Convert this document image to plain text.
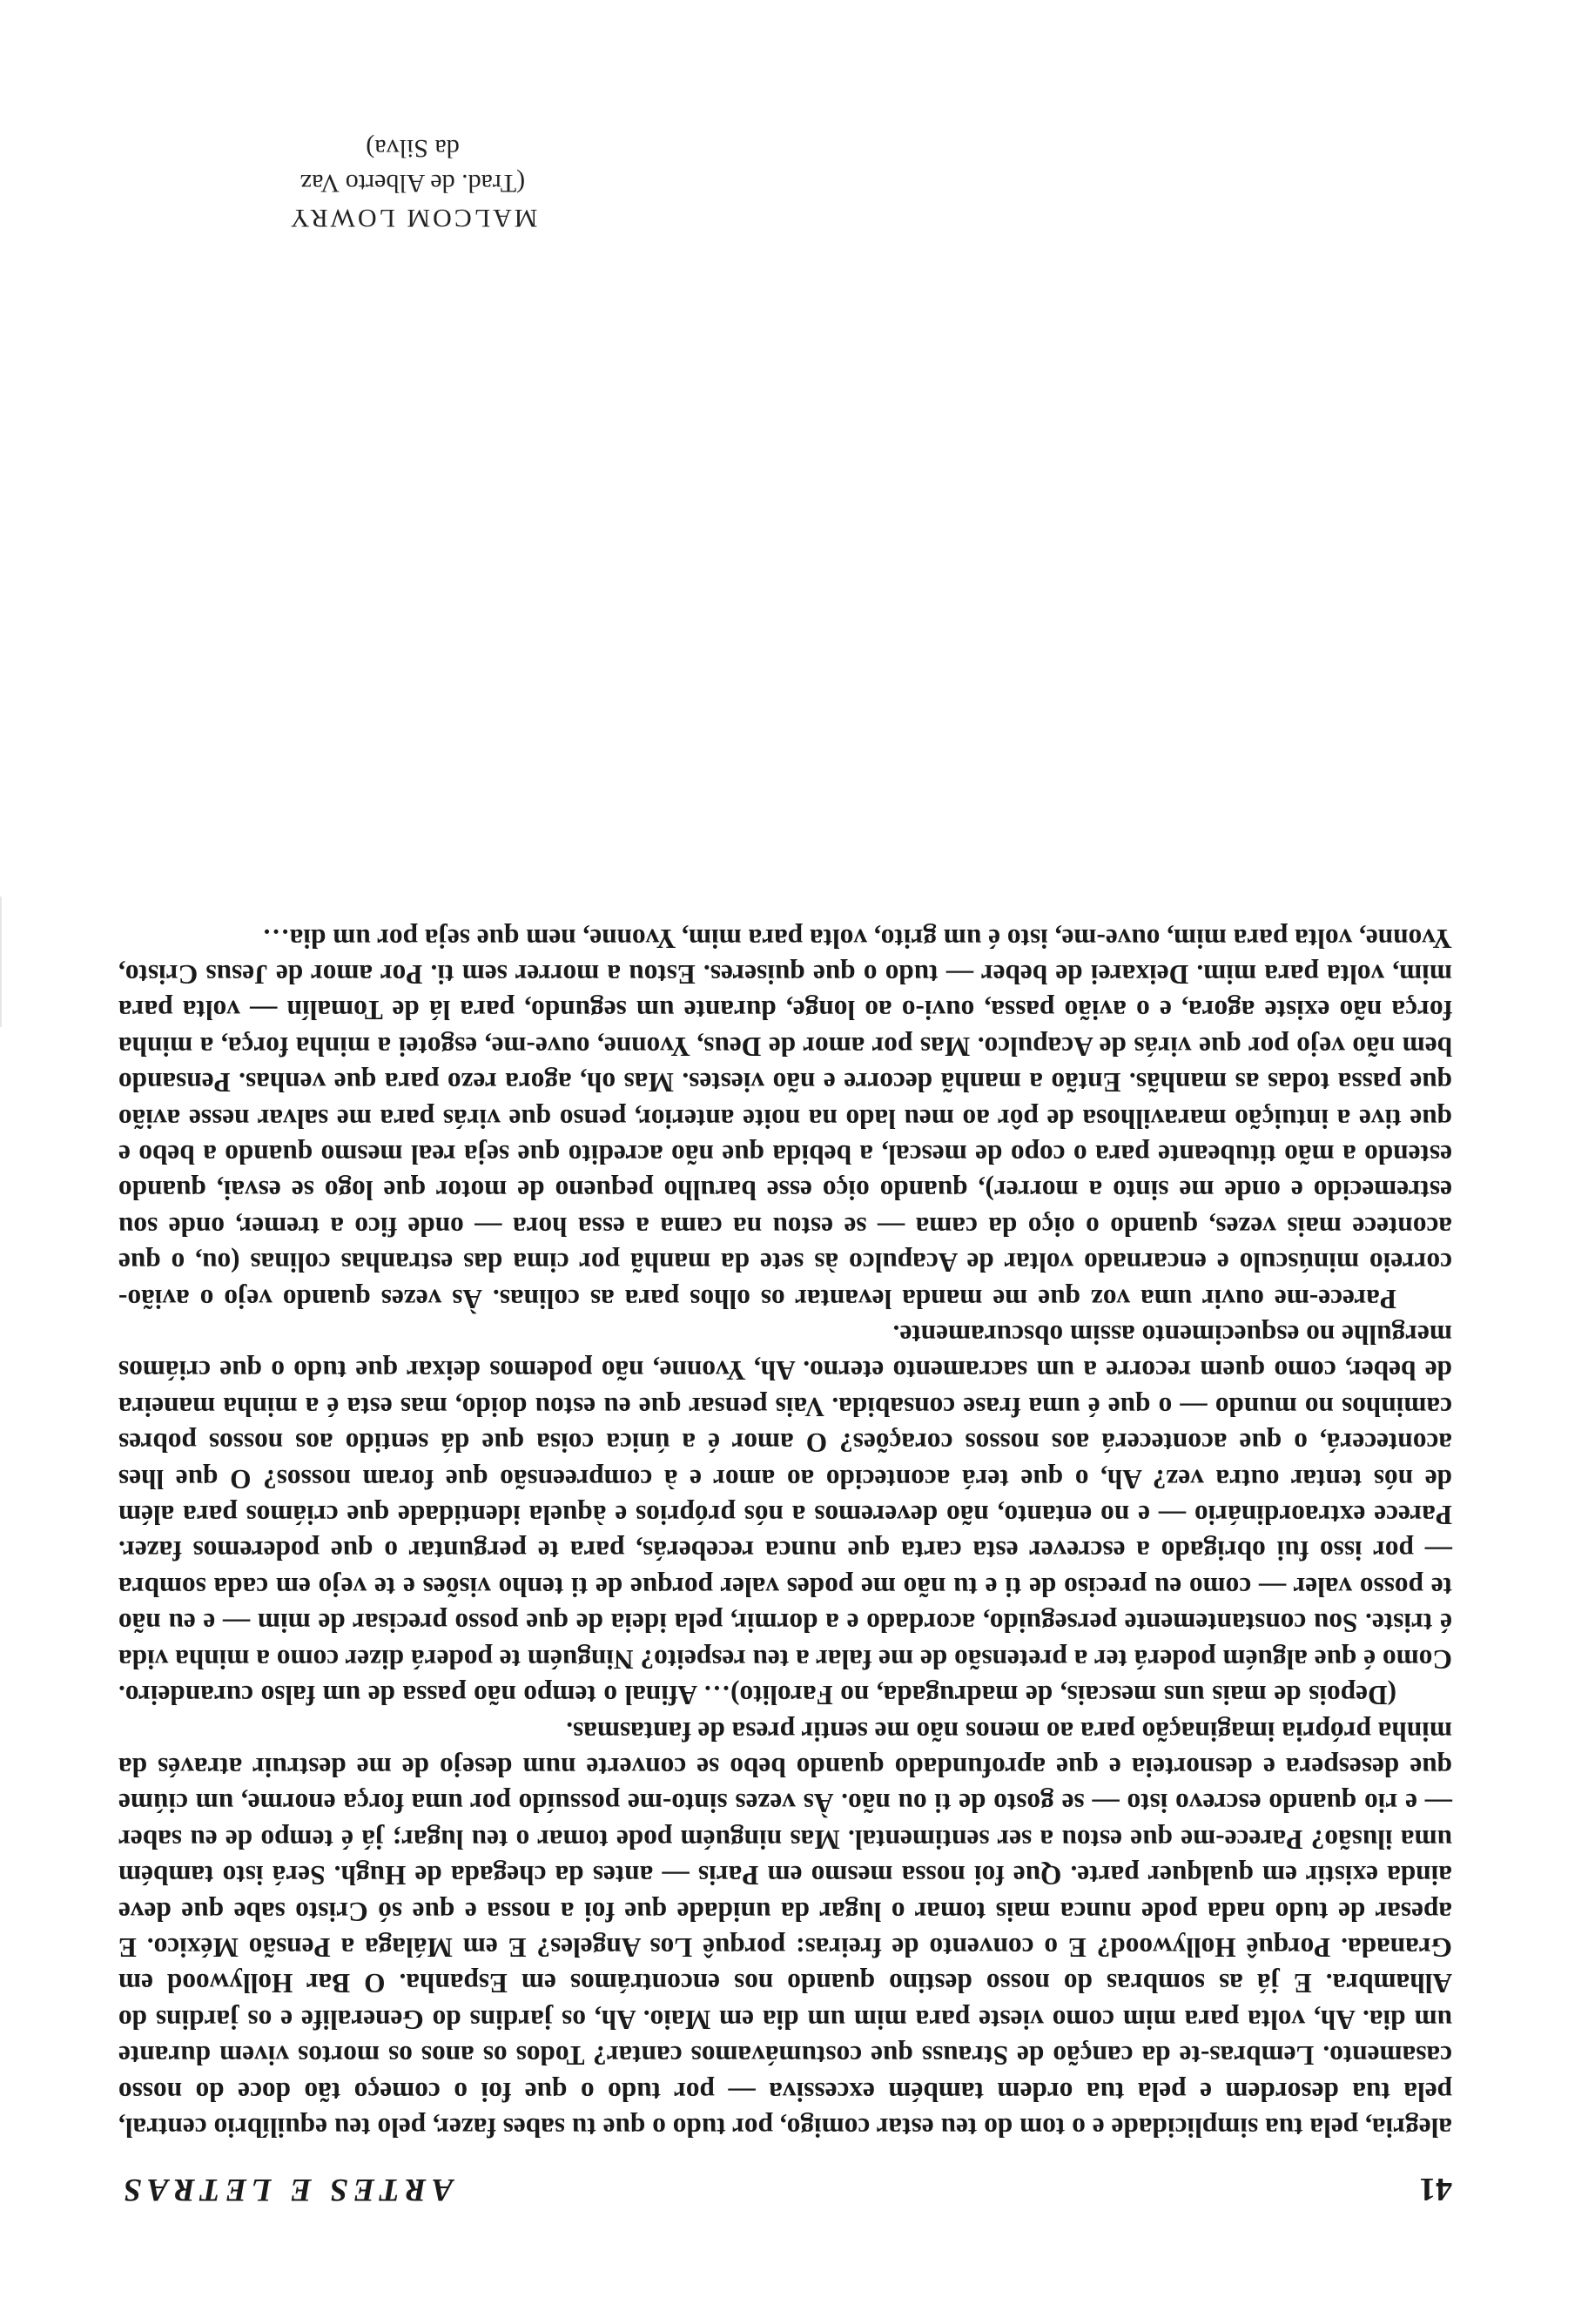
ARTES E LETRAS	41

alegria, pela tua simplicidade e o tom do teu estar comigo, por tudo o que tu sabes fazer, pelo teu equilíbrio central, pela tua desordem e pela tua ordem também excessiva — por tudo o que foi o começo tão doce do nosso casamento. Lembras-te da canção de Strauss que costumávamos cantar? Todos os anos os mortos vivem durante um dia. Ah, volta para mim como vieste para mim um dia em Maio. Ah, os jardins do Generalife e os jardins do Alhambra. E já as sombras do nosso destino quando nos encontrámos em Espanha. O Bar Hollywood em Granada. Porquê Hollywood? E o convento de freiras: porquê Los Angeles? E em Málaga a Pensão México. E apesar de tudo nada pode nunca mais tomar o lugar da unidade que foi a nossa e que só Cristo sabe que deve ainda existir em qualquer parte. Que foi nossa mesmo em Paris — antes da chegada de Hugh. Será isto também uma ilusão? Parece-me que estou a ser sentimental. Mas ninguém pode tomar o teu lugar; já é tempo de eu saber — e rio quando escrevo isto — se gosto de ti ou não. Às vezes sinto-me possuído por uma força enorme, um ciúme que desespera e desnorteia e que aprofundado quando bebo se converte num desejo de me destruir através da minha própria imaginação para ao menos não me sentir presa de fantasmas.

(Depois de mais uns mescais, de madrugada, no Farolito)… Afinal o tempo não passa de um falso curandeiro. Como é que alguém poderá ter a pretensão de me falar a teu respeito? Ninguém te poderá dizer como a minha vida é triste. Sou constantemente perseguido, acordado e a dormir, pela ideia de que posso precisar de mim — e eu não te posso valer — como eu preciso de ti e tu não me podes valer porque de ti tenho visões e te vejo em cada sombra — por isso fui obrigado a escrever esta carta que nunca receberás, para te perguntar o que poderemos fazer. Parece extraordinário — e no entanto, não deveremos a nós próprios e àquela identidade que criámos para além de nós tentar outra vez? Ah, o que terá acontecido ao amor e à compreensão que foram nossos? O que lhes acontecerá, o que acontecerá aos nossos corações? O amor é a única coisa que dá sentido aos nossos pobres caminhos no mundo — o que é uma frase consabida. Vais pensar que eu estou doido, mas esta é a minha maneira de beber, como quem recorre a um sacramento eterno. Ah, Yvonne, não podemos deixar que tudo o que criámos mergulhe no esquecimento assim obscuramente.

Parece-me ouvir uma voz que me manda levantar os olhos para as colinas. Às vezes quando vejo o avião-correio minúsculo e encarnado voltar de Acapulco às sete da manhã por cima das estranhas colinas (ou, o que acontece mais vezes, quando o oiço da cama — se estou na cama a essa hora — onde fico a tremer, onde sou estremecido e onde me sinto a morrer), quando oiço esse barulho pequeno de motor que logo se esvai, quando estendo a mão titubeante para o copo de mescal, a bebida que não acredito que seja real mesmo quando a bebo e que tive a intuição maravilhosa de pôr ao meu lado na noite anterior, penso que virás para me salvar nesse avião que passa todas as manhãs. Então a manhã decorre e não viestes. Mas oh, agora rezo para que venhas. Pensando bem não vejo por que virás de Acapulco. Mas por amor de Deus, Yvonne, ouve-me, esgotei a minha força, a minha força não existe agora, e o avião passa, ouvi-o ao longe, durante um segundo, para lá de Tomalín — volta para mim, volta para mim. Deixarei de beber — tudo o que quiseres. Estou a morrer sem ti. Por amor de Jesus Cristo, Yvonne, volta para mim, ouve-me, isto é um grito, volta para mim, Yvonne, nem que seja por um dia…

MALCOM LOWRY
(Trad. de Alberto Vaz
da Silva)
